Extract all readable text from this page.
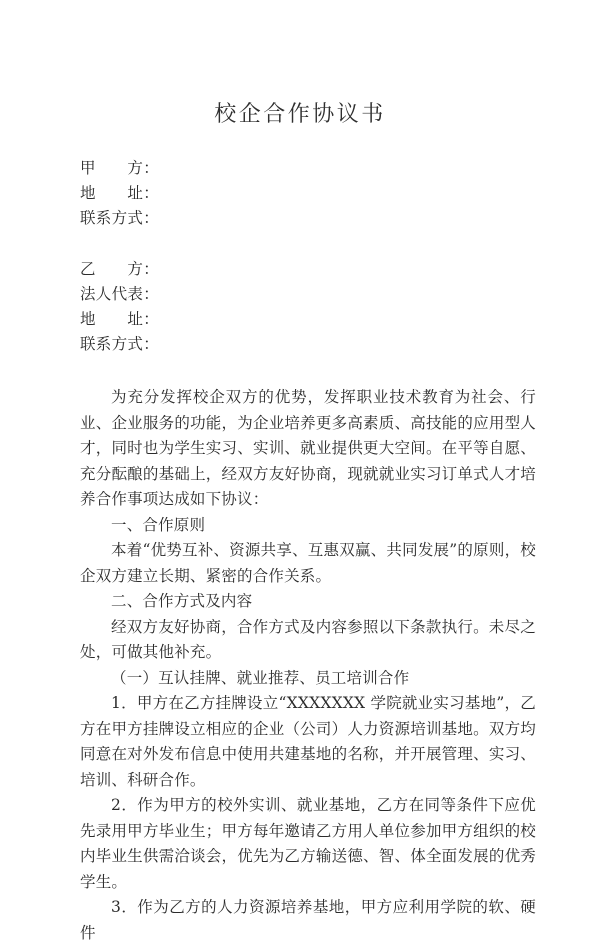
校企合作协议书
甲　　方：
地　　址：
联系方式：
乙　　方：
法人代表：
地　　址：
联系方式：

为充分发挥校企双方的优势，发挥职业技术教育为社会、行业、企业服务的功能，为企业培养更多高素质、高技能的应用型人才，同时也为学生实习、实训、就业提供更大空间。在平等自愿、充分酝酿的基础上，经双方友好协商，现就就业实习订单式人才培养合作事项达成如下协议：

一、合作原则

本着“优势互补、资源共享、互惠双赢、共同发展”的原则，校企双方建立长期、紧密的合作关系。

二、合作方式及内容

经双方友好协商，合作方式及内容参照以下条款执行。未尽之处，可做其他补充。

（一）互认挂牌、就业推荐、员工培训合作

1．甲方在乙方挂牌设立“XXXXXXX 学院就业实习基地”，乙方在甲方挂牌设立相应的企业（公司）人力资源培训基地。双方均同意在对外发布信息中使用共建基地的名称，并开展管理、实习、培训、科研合作。

2．作为甲方的校外实训、就业基地，乙方在同等条件下应优先录用甲方毕业生；甲方每年邀请乙方用人单位参加甲方组织的校内毕业生供需洽谈会，优先为乙方输送德、智、体全面发展的优秀学生。

3．作为乙方的人力资源培养基地，甲方应利用学院的软、硬件
